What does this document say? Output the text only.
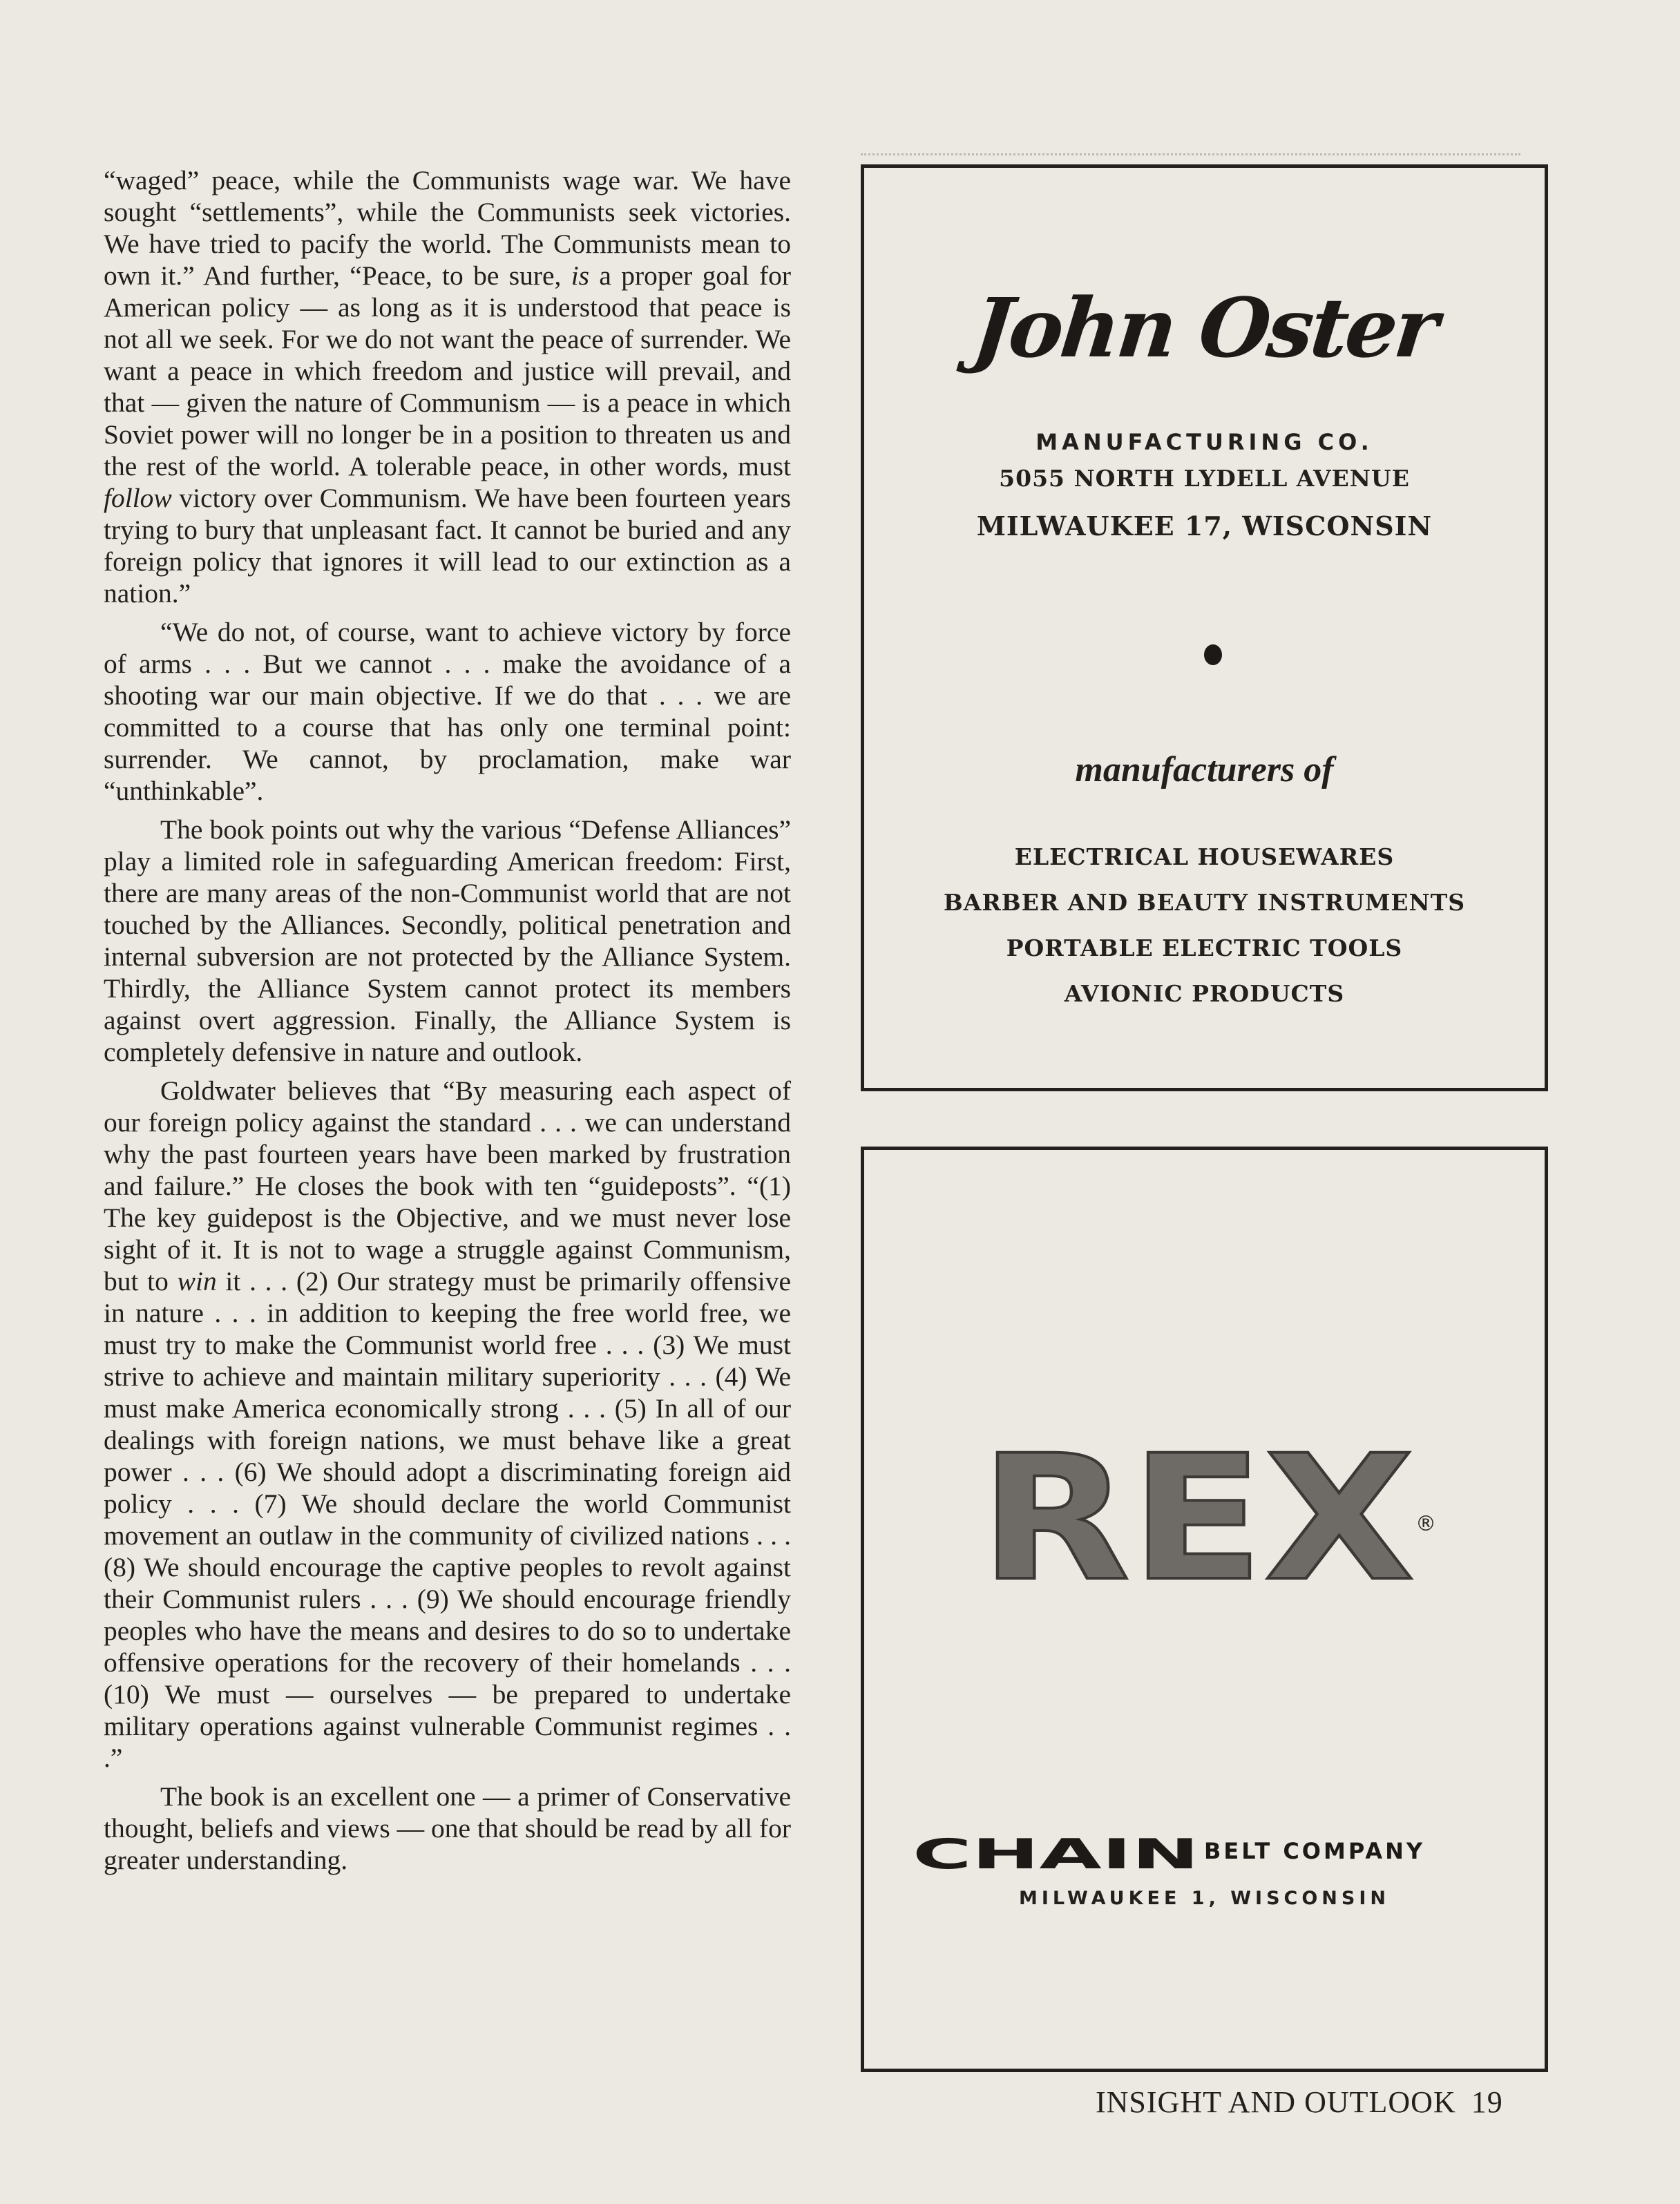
“waged” peace, while the Communists wage war. We have sought “settlements”, while the Communists seek victories. We have tried to pacify the world. The Communists mean to own it.” And further, “Peace, to be sure, is a proper goal for American policy — as long as it is understood that peace is not all we seek. For we do not want the peace of surrender. We want a peace in which freedom and justice will prevail, and that — given the nature of Communism — is a peace in which Soviet power will no longer be in a position to threaten us and the rest of the world. A tolerable peace, in other words, must follow victory over Communism. We have been fourteen years trying to bury that unpleasant fact. It cannot be buried and any foreign policy that ignores it will lead to our extinction as a nation.”

“We do not, of course, want to achieve victory by force of arms . . . But we cannot . . . make the avoidance of a shooting war our main objective. If we do that . . . we are committed to a course that has only one terminal point: surrender. We cannot, by proclamation, make war “unthinkable”.

The book points out why the various “Defense Alliances” play a limited role in safeguarding American freedom: First, there are many areas of the non-Communist world that are not touched by the Alliances. Secondly, political penetration and internal subversion are not protected by the Alliance System. Thirdly, the Alliance System cannot protect its members against overt aggression. Finally, the Alliance System is completely defensive in nature and outlook.

Goldwater believes that “By measuring each aspect of our foreign policy against the standard . . . we can understand why the past fourteen years have been marked by frustration and failure.” He closes the book with ten “guideposts”. “(1) The key guidepost is the Objective, and we must never lose sight of it. It is not to wage a struggle against Communism, but to win it . . . (2) Our strategy must be primarily offensive in nature . . . in addition to keeping the free world free, we must try to make the Communist world free . . . (3) We must strive to achieve and maintain military superiority . . . (4) We must make America economically strong . . . (5) In all of our dealings with foreign nations, we must behave like a great power . . . (6) We should adopt a discriminating foreign aid policy . . . (7) We should declare the world Communist movement an outlaw in the community of civilized nations . . . (8) We should encourage the captive peoples to revolt against their Communist rulers . . . (9) We should encourage friendly peoples who have the means and desires to do so to undertake offensive operations for the recovery of their homelands . . . (10) We must — ourselves — be prepared to undertake military operations against vulnerable Communist regimes . . .”

The book is an excellent one — a primer of Conservative thought, beliefs and views — one that should be read by all for greater understanding.

John Oster
MANUFACTURING CO.
5055 NORTH LYDELL AVENUE
MILWAUKEE 17, WISCONSIN
manufacturers of
ELECTRICAL HOUSEWARES
BARBER AND BEAUTY INSTRUMENTS
PORTABLE ELECTRIC TOOLS
AVIONIC PRODUCTS
REX ®
CHAIN BELT COMPANY
MILWAUKEE 1, WISCONSIN
INSIGHT AND OUTLOOK 19
